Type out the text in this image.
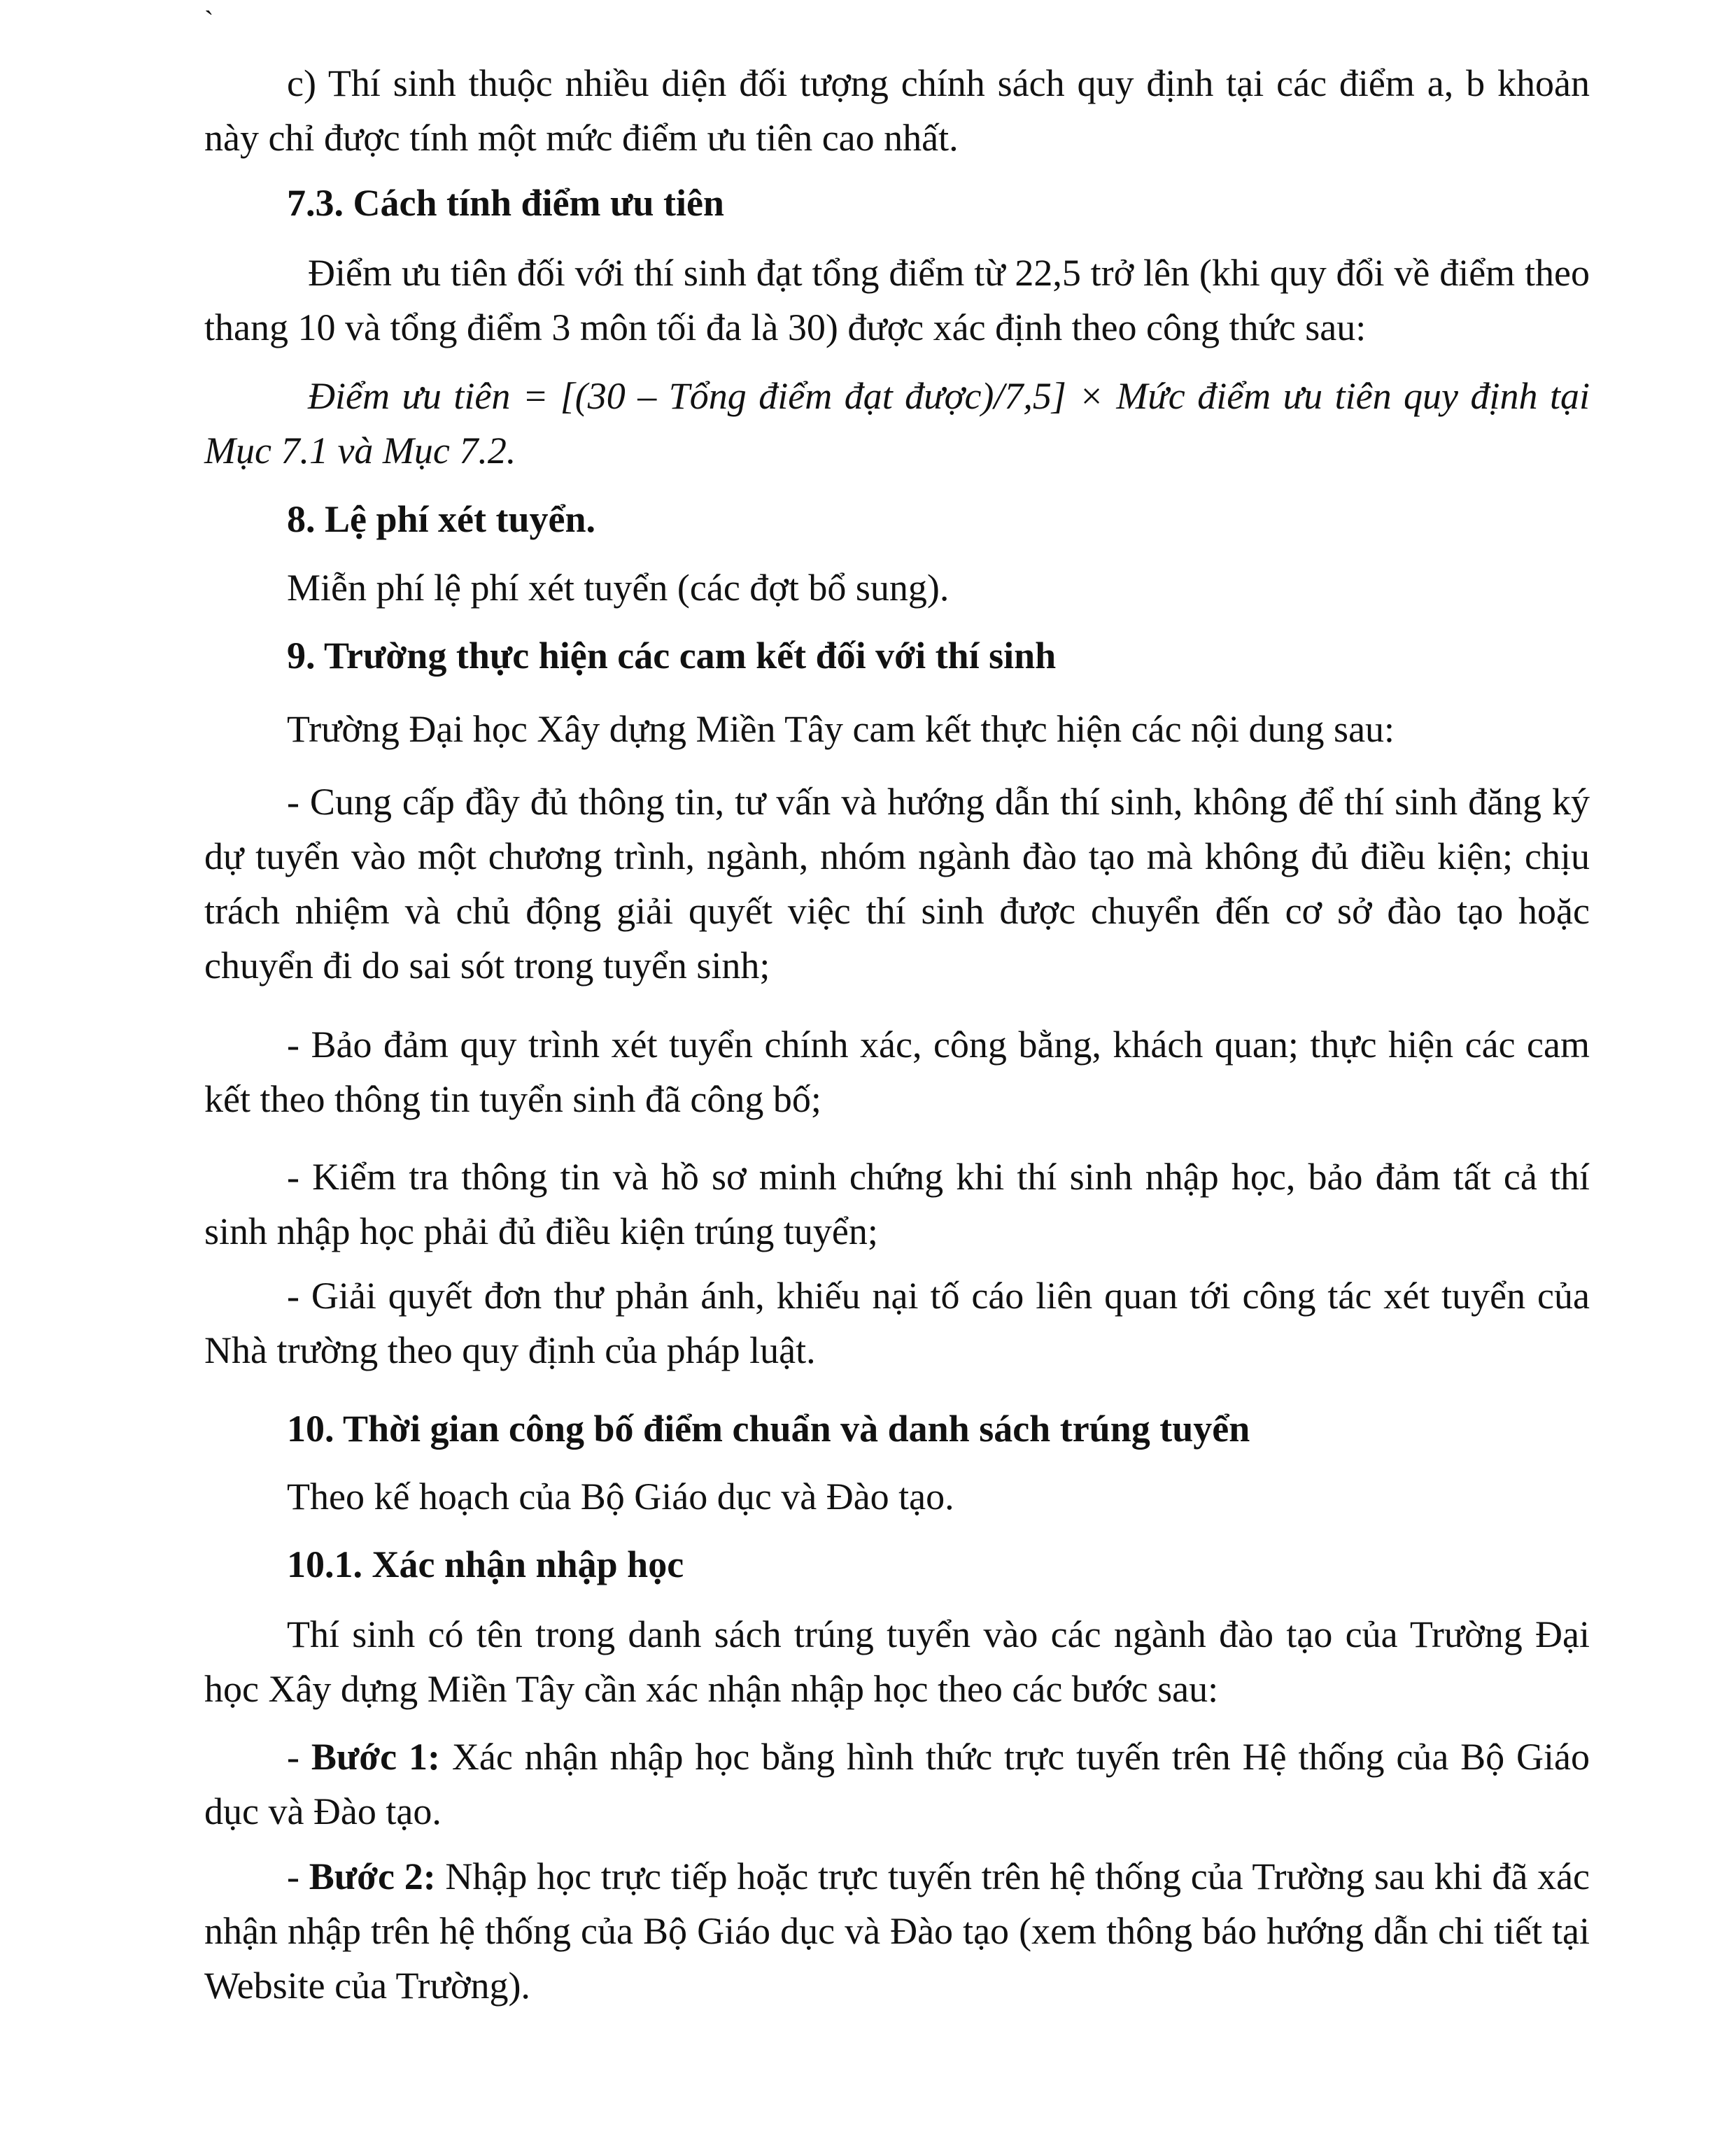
`

c) Thí sinh thuộc nhiều diện đối tượng chính sách quy định tại các điểm a, b khoản này chỉ được tính một mức điểm ưu tiên cao nhất.

7.3. Cách tính điểm ưu tiên

Điểm ưu tiên đối với thí sinh đạt tổng điểm từ 22,5 trở lên (khi quy đổi về điểm theo thang 10 và tổng điểm 3 môn tối đa là 30) được xác định theo công thức sau:

Điểm ưu tiên = [(30 – Tổng điểm đạt được)/7,5] × Mức điểm ưu tiên quy định tại Mục 7.1 và Mục 7.2.

8. Lệ phí xét tuyển.

Miễn phí lệ phí xét tuyển (các đợt bổ sung).

9. Trường thực hiện các cam kết đối với thí sinh

Trường Đại học Xây dựng Miền Tây cam kết thực hiện các nội dung sau:

- Cung cấp đầy đủ thông tin, tư vấn và hướng dẫn thí sinh, không để thí sinh đăng ký dự tuyển vào một chương trình, ngành, nhóm ngành đào tạo mà không đủ điều kiện; chịu trách nhiệm và chủ động giải quyết việc thí sinh được chuyển đến cơ sở đào tạo hoặc chuyển đi do sai sót trong tuyển sinh;

- Bảo đảm quy trình xét tuyển chính xác, công bằng, khách quan; thực hiện các cam kết theo thông tin tuyển sinh đã công bố;

- Kiểm tra thông tin và hồ sơ minh chứng khi thí sinh nhập học, bảo đảm tất cả thí sinh nhập học phải đủ điều kiện trúng tuyển;

- Giải quyết đơn thư phản ánh, khiếu nại tố cáo liên quan tới công tác xét tuyển của Nhà trường theo quy định của pháp luật.

10. Thời gian công bố điểm chuẩn và danh sách trúng tuyển

Theo kế hoạch của Bộ Giáo dục và Đào tạo.

10.1. Xác nhận nhập học

Thí sinh có tên trong danh sách trúng tuyển vào các ngành đào tạo của Trường Đại học Xây dựng Miền Tây cần xác nhận nhập học theo các bước sau:

- Bước 1: Xác nhận nhập học bằng hình thức trực tuyến trên Hệ thống của Bộ Giáo dục và Đào tạo.

- Bước 2: Nhập học trực tiếp hoặc trực tuyến trên hệ thống của Trường sau khi đã xác nhận nhập trên hệ thống của Bộ Giáo dục và Đào tạo (xem thông báo hướng dẫn chi tiết tại Website của Trường).
